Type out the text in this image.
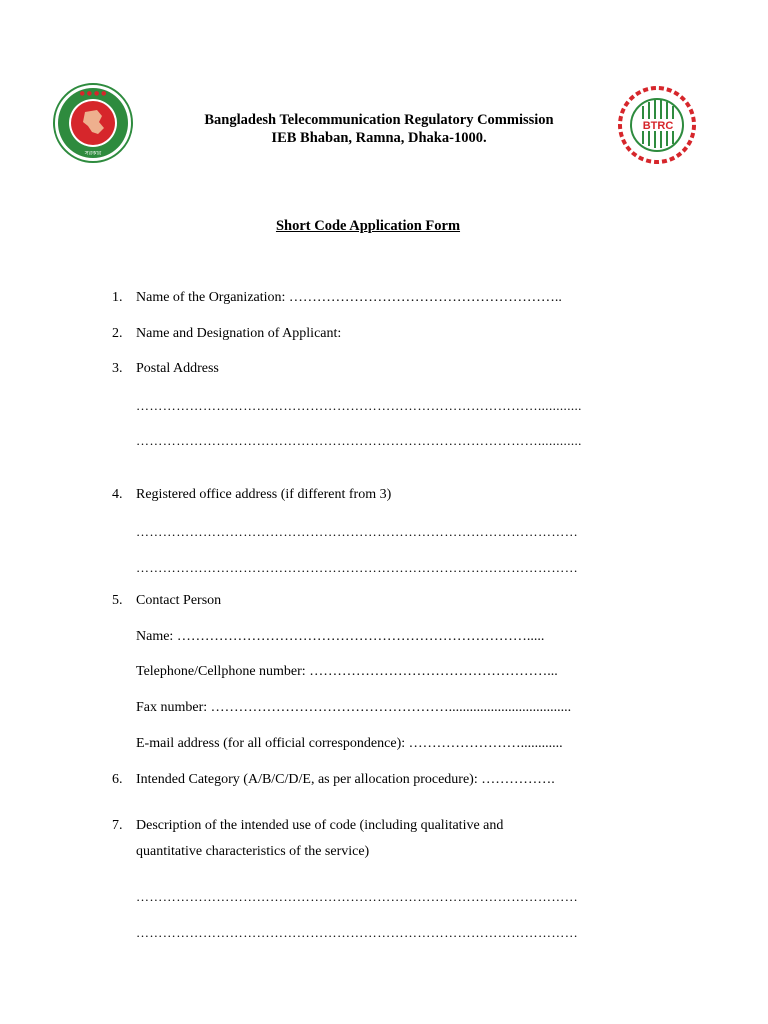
● ● ● ●
সরকার
BTRC
Bangladesh Telecommunication Regulatory Commission
IEB Bhaban, Ramna, Dhaka-1000.
Short Code Application Form
1. Name of the Organization: …………………………………………………..
2. Name and Designation of Applicant:
3. Postal Address
………………………………………………………………………………............
………………………………………………………………………………............
4. Registered office address (if different from 3)
………………………………………………………………………………………
………………………………………………………………………………………
5. Contact Person
Name: ………………………………………………………………….....
Telephone/Cellphone number: ……………………………………………...
Fax number: ……………………………………………...................................
E-mail address (for all official correspondence): ……………………............
6. Intended Category (A/B/C/D/E, as per allocation procedure): …………….
7. Description of the intended use of code (including qualitative and
quantitative characteristics of the service)
………………………………………………………………………………………
………………………………………………………………………………………
